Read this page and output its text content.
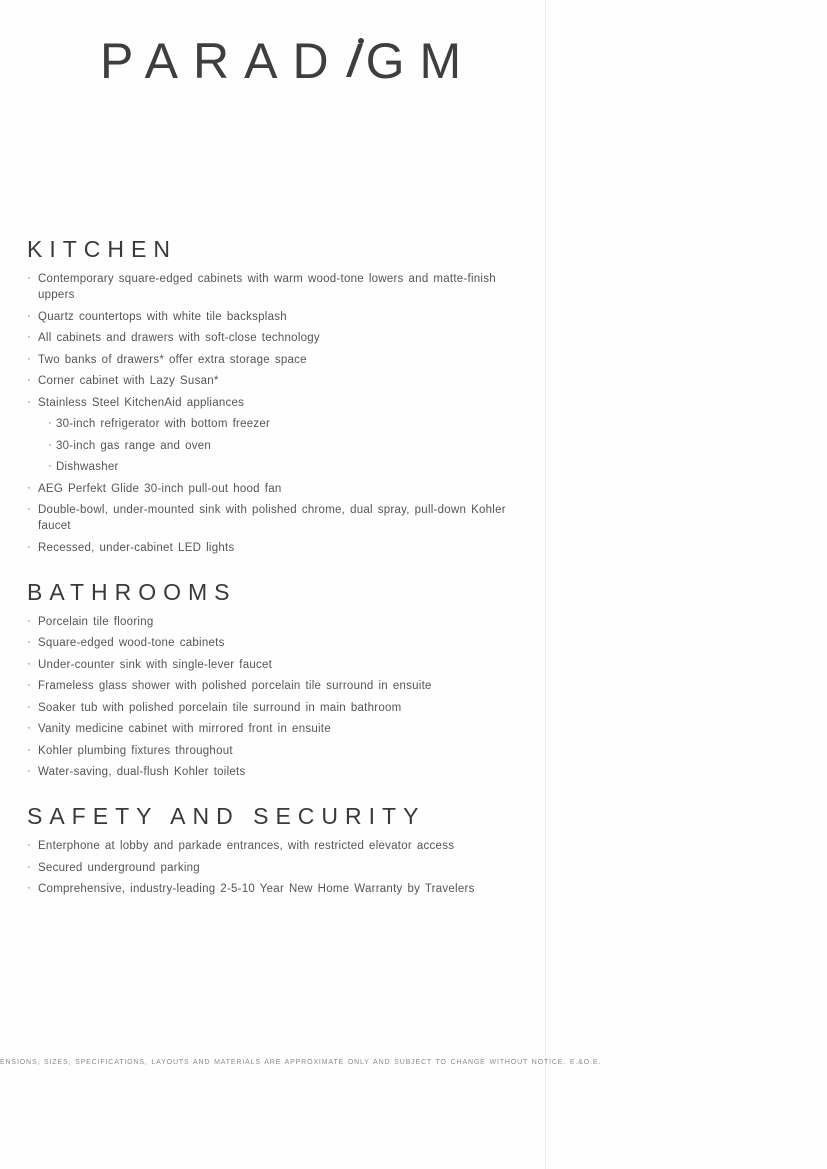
PARAD GM
KITCHEN
· Contemporary square-edged cabinets with warm wood-tone lowers and matte-finish uppers
· Quartz countertops with white tile backsplash
· All cabinets and drawers with soft-close technology
· Two banks of drawers* offer extra storage space
· Corner cabinet with Lazy Susan*
· Stainless Steel KitchenAid appliances
· 30-inch refrigerator with bottom freezer
· 30-inch gas range and oven
· Dishwasher
· AEG Perfekt Glide 30-inch pull-out hood fan
· Double-bowl, under-mounted sink with polished chrome, dual spray, pull-down Kohler faucet
· Recessed, under-cabinet LED lights
BATHROOMS
· Porcelain tile flooring
· Square-edged wood-tone cabinets
· Under-counter sink with single-lever faucet
· Frameless glass shower with polished porcelain tile surround in ensuite
· Soaker tub with polished porcelain tile surround in main bathroom
· Vanity medicine cabinet with mirrored front in ensuite
· Kohler plumbing fixtures throughout
· Water-saving, dual-flush Kohler toilets
SAFETY AND SECURITY
· Enterphone at lobby and parkade entrances, with restricted elevator access
· Secured underground parking
· Comprehensive, industry-leading 2-5-10 Year New Home Warranty by Travelers
ENSIONS, SIZES, SPECIFICATIONS, LAYOUTS AND MATERIALS ARE APPROXIMATE ONLY AND SUBJECT TO CHANGE WITHOUT NOTICE. E.&O.E.
